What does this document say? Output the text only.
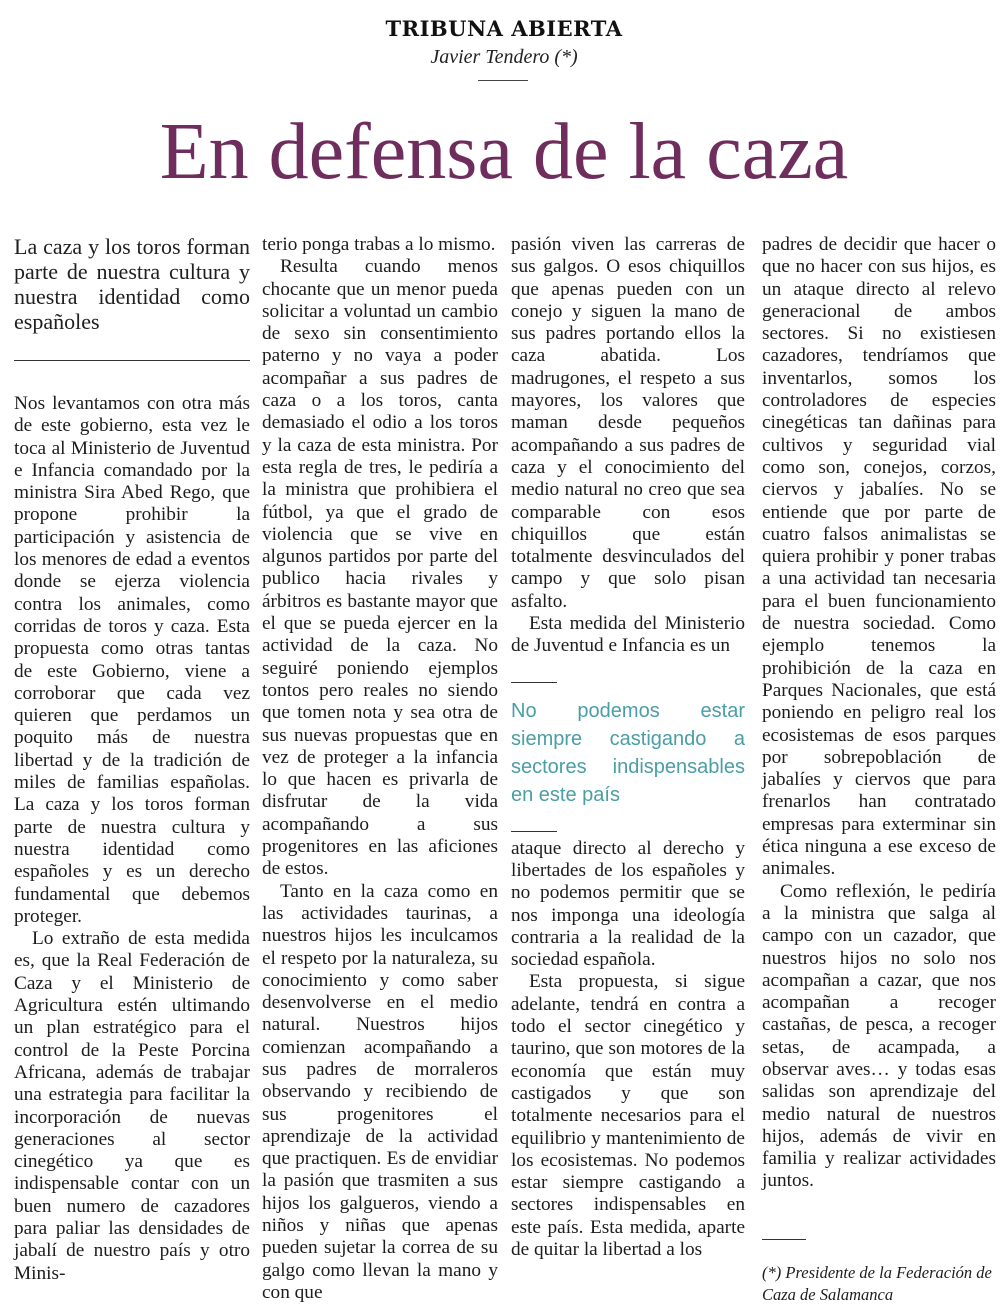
TRIBUNA ABIERTA
Javier Tendero (*)
En defensa de la caza

La caza y los toros forman parte de nuestra cultura y nuestra identidad como españoles

Nos levantamos con otra más de este gobierno, esta vez le toca al Ministerio de Juventud e Infancia comandado por la ministra Sira Abed Rego, que propone prohibir la participación y asistencia de los menores de edad a eventos donde se ejerza violencia contra los animales, como corridas de toros y caza. Esta propuesta como otras tantas de este Gobierno, viene a corroborar que cada vez quieren que perdamos un poquito más de nuestra libertad y de la tradición de miles de familias españolas. La caza y los toros forman parte de nuestra cultura y nuestra identidad como españoles y es un derecho fundamental que debemos proteger.

Lo extraño de esta medida es, que la Real Federación de Caza y el Ministerio de Agricultura estén ultimando un plan estratégico para el control de la Peste Porcina Africana, además de trabajar una estrategia para facilitar la incorporación de nuevas generaciones al sector cinegético ya que es indispensable contar con un buen numero de cazadores para paliar las densidades de jabalí de nuestro país y otro Minis-

terio ponga trabas a lo mismo.

Resulta cuando menos chocante que un menor pueda solicitar a voluntad un cambio de sexo sin consentimiento paterno y no vaya a poder acompañar a sus padres de caza o a los toros, canta demasiado el odio a los toros y la caza de esta ministra. Por esta regla de tres, le pediría a la ministra que prohibiera el fútbol, ya que el grado de violencia que se vive en algunos partidos por parte del publico hacia rivales y árbitros es bastante mayor que el que se pueda ejercer en la actividad de la caza. No seguiré poniendo ejemplos tontos pero reales no siendo que tomen nota y sea otra de sus nuevas propuestas que en vez de proteger a la infancia lo que hacen es privarla de disfrutar de la vida acompañando a sus progenitores en las aficiones de estos.

Tanto en la caza como en las actividades taurinas, a nuestros hijos les inculcamos el respeto por la naturaleza, su conocimiento y como saber desenvolverse en el medio natural. Nuestros hijos comienzan acompañando a sus padres de morraleros observando y recibiendo de sus progenitores el aprendizaje de la actividad que practiquen. Es de envidiar la pasión que trasmiten a sus hijos los galgueros, viendo a niños y niñas que apenas pueden sujetar la correa de su galgo como llevan la mano y con que

pasión viven las carreras de sus galgos. O esos chiquillos que apenas pueden con un conejo y siguen la mano de sus padres portando ellos la caza abatida. Los madrugones, el respeto a sus mayores, los valores que maman desde pequeños acompañando a sus padres de caza y el conocimiento del medio natural no creo que sea comparable con esos chiquillos que están totalmente desvinculados del campo y que solo pisan asfalto.

Esta medida del Ministerio de Juventud e Infancia es un

No podemos estar siempre castigando a sectores indispensables en este país

ataque directo al derecho y libertades de los españoles y no podemos permitir que se nos imponga una ideología contraria a la realidad de la sociedad española.

Esta propuesta, si sigue adelante, tendrá en contra a todo el sector cinegético y taurino, que son motores de la economía que están muy castigados y que son totalmente necesarios para el equilibrio y mantenimiento de los ecosistemas. No podemos estar siempre castigando a sectores indispensables en este país. Esta medida, aparte de quitar la libertad a los

padres de decidir que hacer o que no hacer con sus hijos, es un ataque directo al relevo generacional de ambos sectores. Si no existiesen cazadores, tendríamos que inventarlos, somos los controladores de especies cinegéticas tan dañinas para cultivos y seguridad vial como son, conejos, corzos, ciervos y jabalíes. No se entiende que por parte de cuatro falsos animalistas se quiera prohibir y poner trabas a una actividad tan necesaria para el buen funcionamiento de nuestra sociedad. Como ejemplo tenemos la prohibición de la caza en Parques Nacionales, que está poniendo en peligro real los ecosistemas de esos parques por sobrepoblación de jabalíes y ciervos que para frenarlos han contratado empresas para exterminar sin ética ninguna a ese exceso de animales.

Como reflexión, le pediría a la ministra que salga al campo con un cazador, que nuestros hijos no solo nos acompañan a cazar, que nos acompañan a recoger castañas, de pesca, a recoger setas, de acampada, a observar aves… y todas esas salidas son aprendizaje del medio natural de nuestros hijos, además de vivir en familia y realizar actividades juntos.

(*) Presidente de la Federación de Caza de Salamanca
